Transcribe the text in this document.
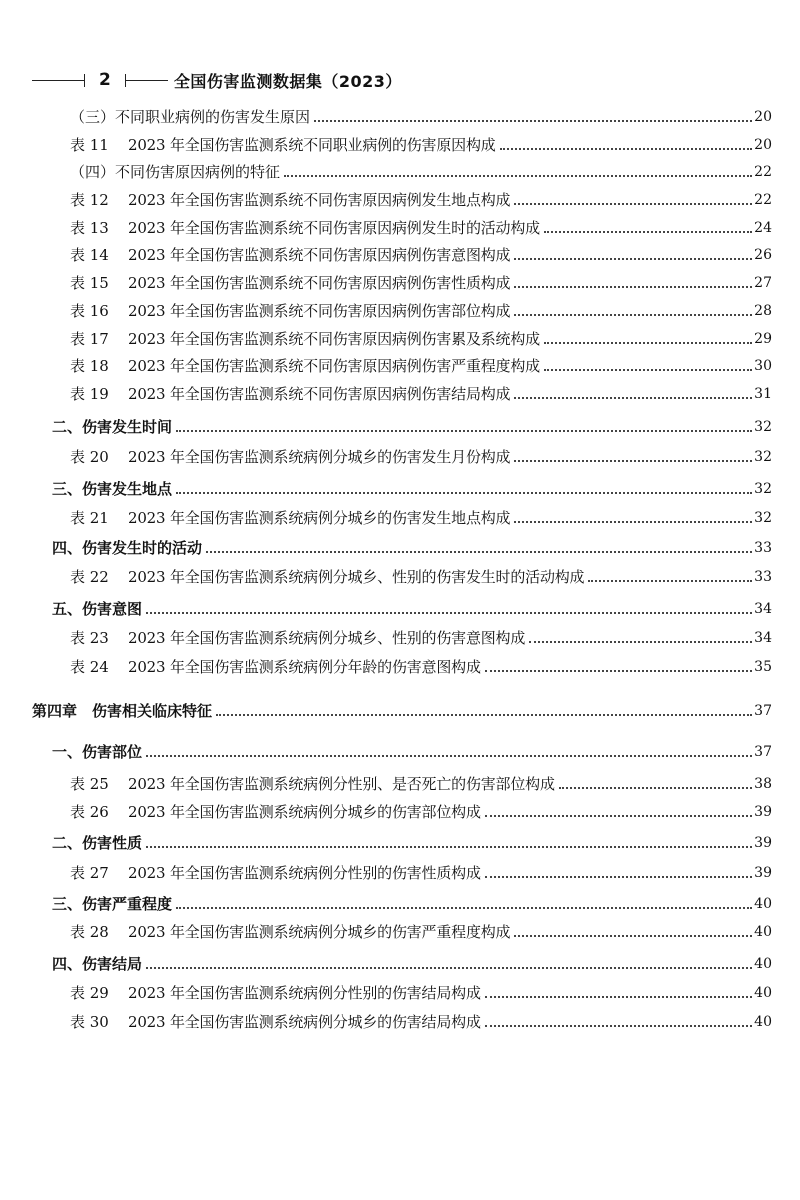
2	全国伤害监测数据集（2023）
（三）不同职业病例的伤害发生原因	20
表 11	2023 年全国伤害监测系统不同职业病例的伤害原因构成	20
（四）不同伤害原因病例的特征	22
表 12	2023 年全国伤害监测系统不同伤害原因病例发生地点构成	22
表 13	2023 年全国伤害监测系统不同伤害原因病例发生时的活动构成	24
表 14	2023 年全国伤害监测系统不同伤害原因病例伤害意图构成	26
表 15	2023 年全国伤害监测系统不同伤害原因病例伤害性质构成	27
表 16	2023 年全国伤害监测系统不同伤害原因病例伤害部位构成	28
表 17	2023 年全国伤害监测系统不同伤害原因病例伤害累及系统构成	29
表 18	2023 年全国伤害监测系统不同伤害原因病例伤害严重程度构成	30
表 19	2023 年全国伤害监测系统不同伤害原因病例伤害结局构成	31
二、伤害发生时间	32
表 20	2023 年全国伤害监测系统病例分城乡的伤害发生月份构成	32
三、伤害发生地点	32
表 21	2023 年全国伤害监测系统病例分城乡的伤害发生地点构成	32
四、伤害发生时的活动	33
表 22	2023 年全国伤害监测系统病例分城乡、性别的伤害发生时的活动构成	33
五、伤害意图	34
表 23	2023 年全国伤害监测系统病例分城乡、性别的伤害意图构成	34
表 24	2023 年全国伤害监测系统病例分年龄的伤害意图构成	35
第四章　伤害相关临床特征	37
一、伤害部位	37
表 25	2023 年全国伤害监测系统病例分性别、是否死亡的伤害部位构成	38
表 26	2023 年全国伤害监测系统病例分城乡的伤害部位构成	39
二、伤害性质	39
表 27	2023 年全国伤害监测系统病例分性别的伤害性质构成	39
三、伤害严重程度	40
表 28	2023 年全国伤害监测系统病例分城乡的伤害严重程度构成	40
四、伤害结局	40
表 29	2023 年全国伤害监测系统病例分性别的伤害结局构成	40
表 30	2023 年全国伤害监测系统病例分城乡的伤害结局构成	40
